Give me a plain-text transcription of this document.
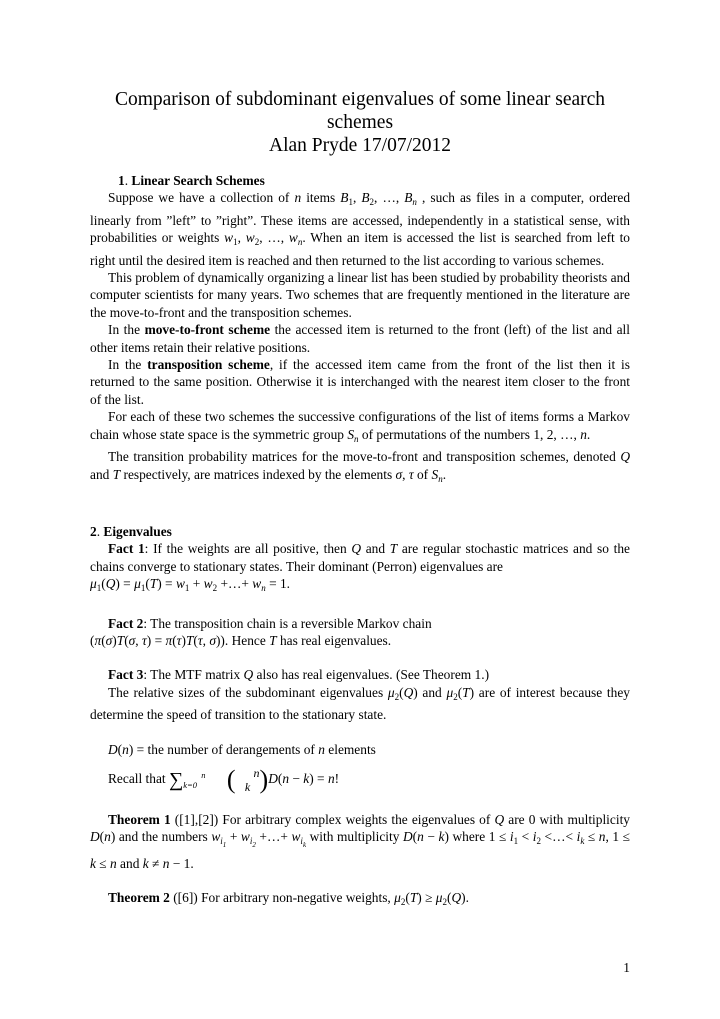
Comparison of subdominant eigenvalues of some linear search
schemes
Alan Pryde 17/07/2012

1. Linear Search Schemes

Suppose we have a collection of n items $B_1$, $B_2$, …, $B_n$ , such as files in a computer, ordered linearly from ”left” to ”right”. These items are accessed, independently in a statistical sense, with probabilities or weights $w_1$, $w_2$, …, $w_n$. When an item is accessed the list is searched from left to right until the desired item is reached and then returned to the list according to various schemes.

This problem of dynamically organizing a linear list has been studied by probability theorists and computer scientists for many years. Two schemes that are frequently mentioned in the literature are the move-to-front and the transposition schemes.

In the move-to-front scheme the accessed item is returned to the front (left) of the list and all other items retain their relative positions.

In the transposition scheme, if the accessed item came from the front of the list then it is returned to the same position. Otherwise it is interchanged with the nearest item closer to the front of the list.

For each of these two schemes the successive configurations of the list of items forms a Markov chain whose state space is the symmetric group $S_n$ of permutations of the numbers 1, 2, …, n.

The transition probability matrices for the move-to-front and transposition schemes, denoted Q and T respectively, are matrices indexed by the elements σ, τ of $S_n$.

2. Eigenvalues

Fact 1: If the weights are all positive, then Q and T are regular stochastic matrices and so the chains converge to stationary states. Their dominant (Perron) eigenvalues are

$\mu_1(Q) = \mu_1(T) = w_1 + w_2$ +…+ $w_n = 1$.

Fact 2: The transposition chain is a reversible Markov chain

(π(σ)T(σ, τ) = π(τ)T(τ, σ)). Hence T has real eigenvalues.

Fact 3: The MTF matrix Q also has real eigenvalues. (See Theorem 1.)

The relative sizes of the subdominant eigenvalues $\mu_2(Q)$ and $\mu_2(T)$ are of interest because they determine the speed of transition to the stationary state.

D(n) = the number of derangements of n elements

Recall that ∑ n
k=0 ( n
k )D(n − k) = n!

Theorem 1 ([1],[2]) For arbitrary complex weights the eigenvalues of Q are 0 with multiplicity D(n) and the numbers $w_{i_1} + w_{i_2}$ +…+ $w_{i_k}$ with multiplicity D(n − k) where $1 \le i_1 < i_2$ <…< $i_k \le n$, 1 ≤ k ≤ n and k ≠ n − 1.

Theorem 2 ([6]) For arbitrary non-negative weights, $\mu_2(T) \ge \mu_2(Q)$.

1
